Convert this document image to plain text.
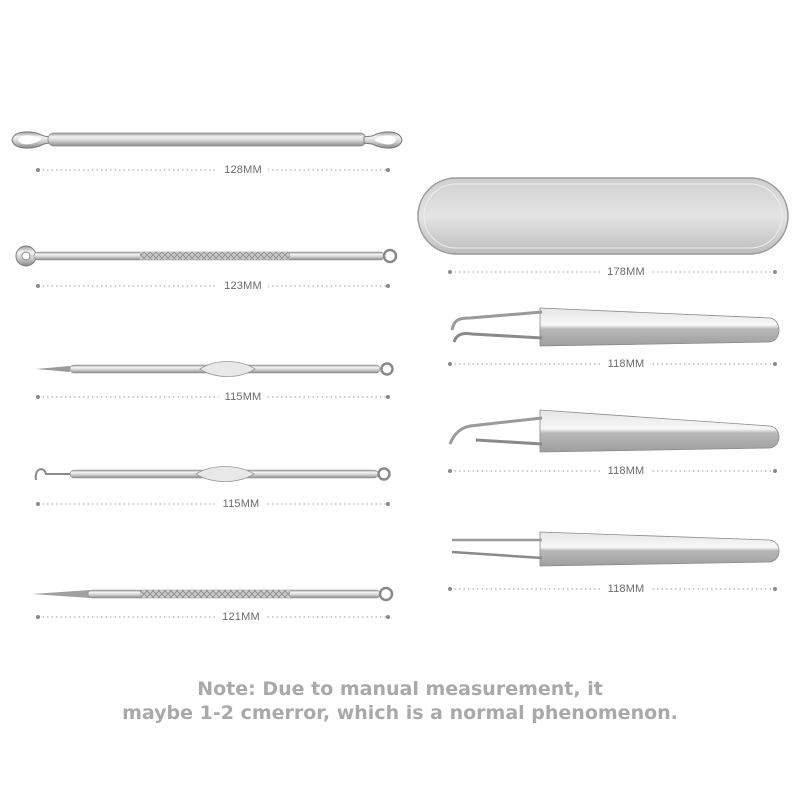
128MM
123MM
115MM
115MM
121MM
178MM
118MM
118MM
118MM
Note: Due to manual measurement, it
maybe 1-2 cmerror, which is a normal phenomenon.
